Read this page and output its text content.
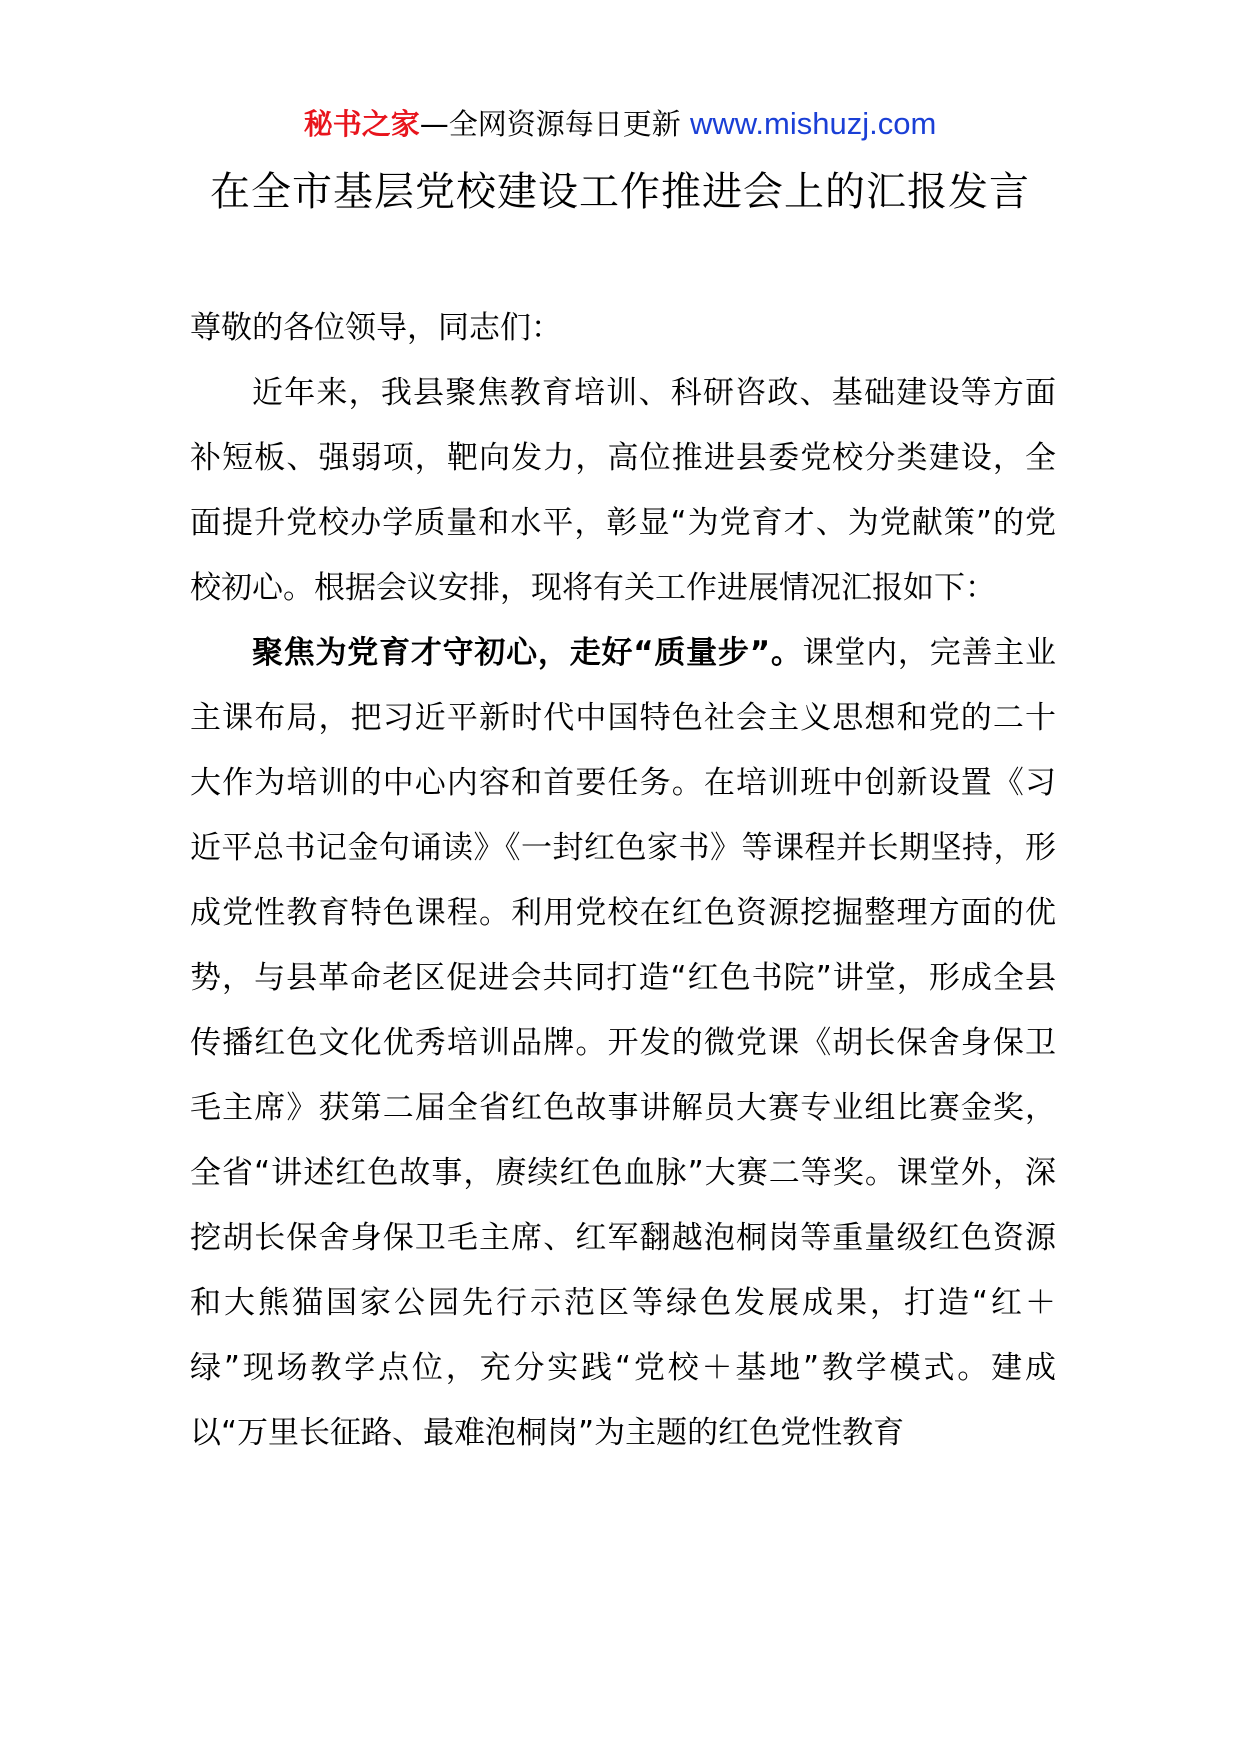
秘书之家—全网资源每日更新 www.mishuzj.com
在全市基层党校建设工作推进会上的汇报发言

尊敬的各位领导，同志们：

近年来，我县聚焦教育培训、科研咨政、基础建设等方面补短板、强弱项，靶向发力，高位推进县委党校分类建设，全面提升党校办学质量和水平，彰显“为党育才、为党献策”的党校初心。根据会议安排，现将有关工作进展情况汇报如下：

聚焦为党育才守初心，走好“质量步”。课堂内，完善主业主课布局，把习近平新时代中国特色社会主义思想和党的二十大作为培训的中心内容和首要任务。在培训班中创新设置《习近平总书记金句诵读》《一封红色家书》等课程并长期坚持，形成党性教育特色课程。利用党校在红色资源挖掘整理方面的优势，与县革命老区促进会共同打造“红色书院”讲堂，形成全县传播红色文化优秀培训品牌。开发的微党课《胡长保舍身保卫毛主席》获第二届全省红色故事讲解员大赛专业组比赛金奖，全省“讲述红色故事，赓续红色血脉”大赛二等奖。课堂外，深挖胡长保舍身保卫毛主席、红军翻越泡桐岗等重量级红色资源和大熊猫国家公园先行示范区等绿色发展成果，打造“红＋绿”现场教学点位，充分实践“党校＋基地”教学模式。建成以“万里长征路、最难泡桐岗”为主题的红色党性教育
